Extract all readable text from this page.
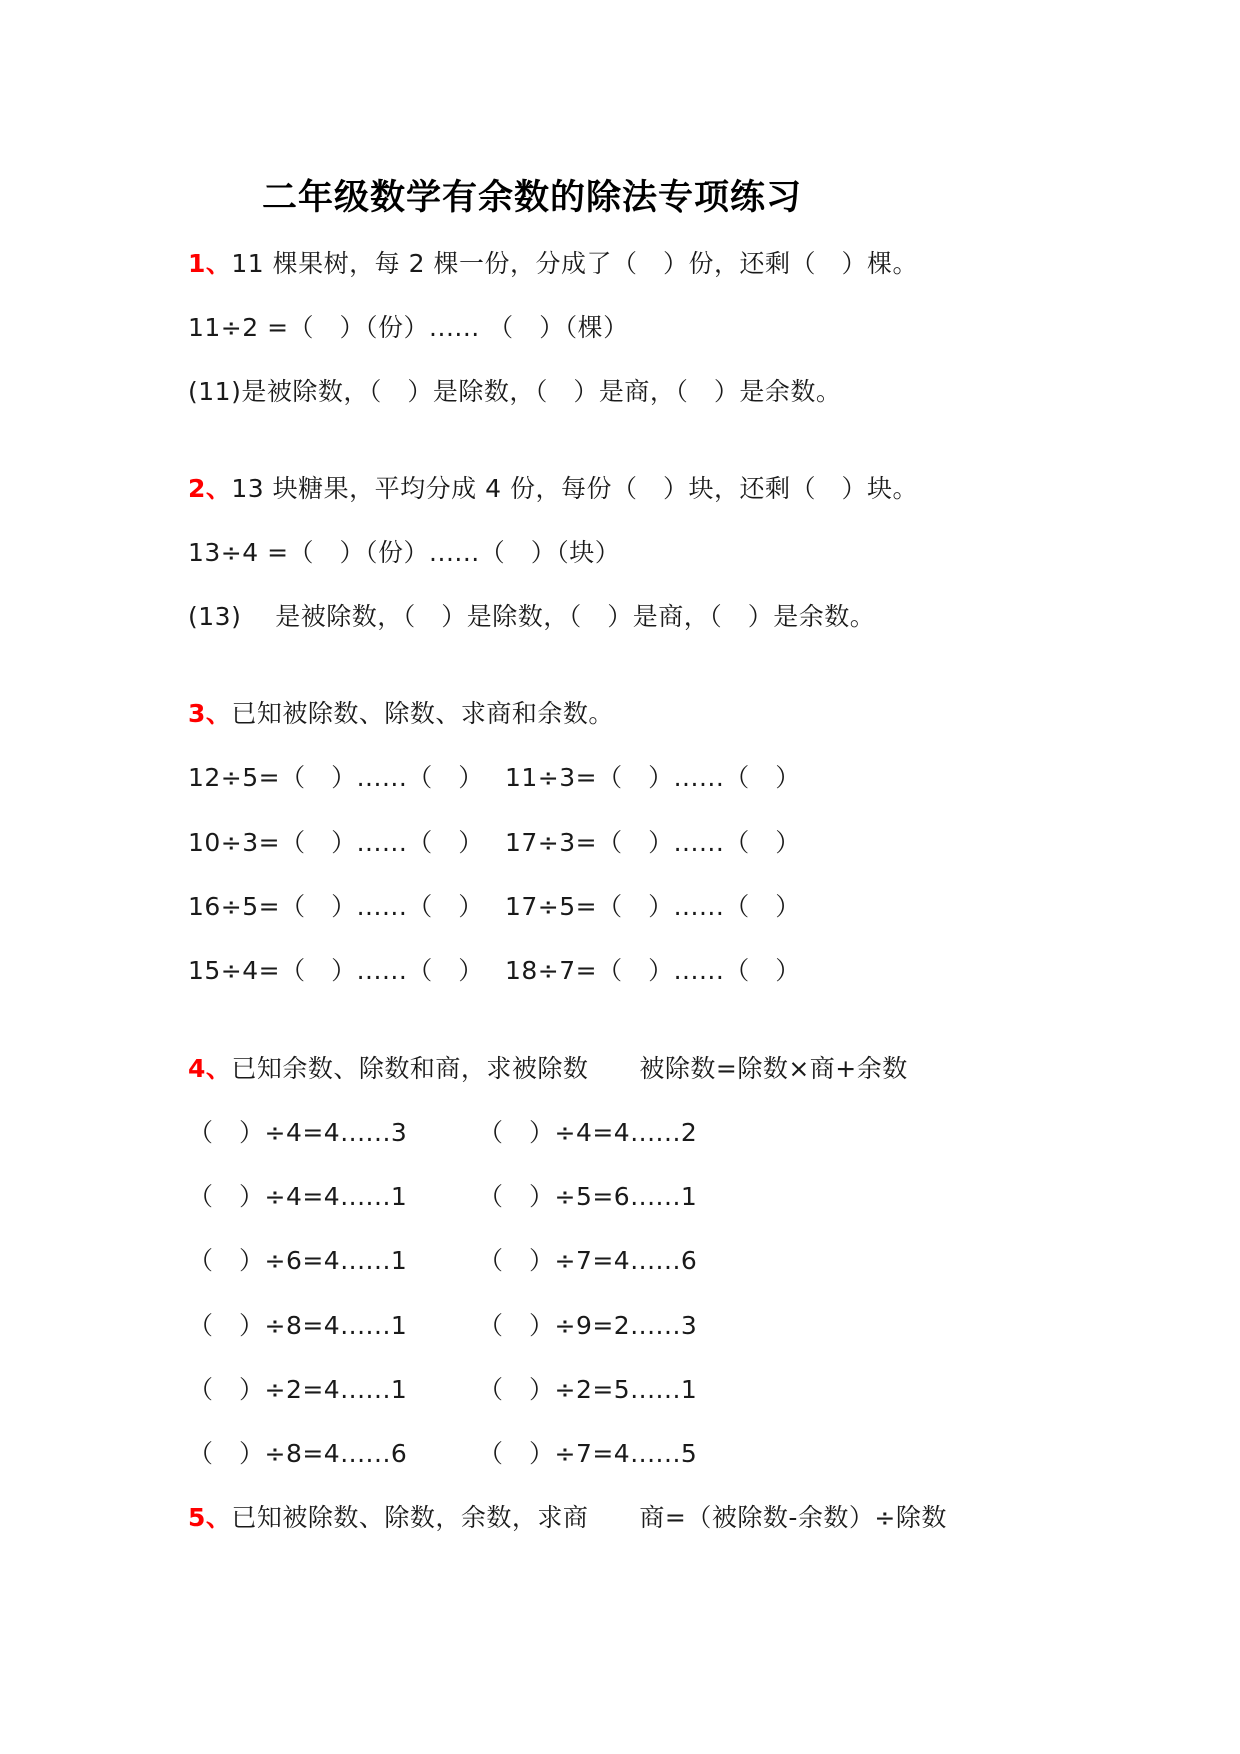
二年级数学有余数的除法专项练习
1、11 棵果树，每 2 棵一份，分成了（　）份，还剩（　）棵。
11÷2 =（　）（份）...... （　）（棵）
(11)是被除数，（　）是除数，（　）是商，（　）是余数。
2、13 块糖果，平均分成 4 份，每份（　）块，还剩（　）块。
13÷4 =（　）（份）......（　）（块）
(13)　 是被除数，（　）是除数，（　）是商，（　）是余数。
3、已知被除数、除数、求商和余数。
12÷5=（　）......（　） 11÷3=（　）......（　）
10÷3=（　）......（　） 17÷3=（　）......（　）
16÷5=（　）......（　） 17÷5=（　）......（　）
15÷4=（　）......（　） 18÷7=（　）......（　）
4、已知余数、除数和商，求被除数　　被除数=除数×商+余数
（　）÷4=4......3	（　）÷4=4......2
（　）÷4=4......1	（　）÷5=6......1
（　）÷6=4......1	（　）÷7=4......6
（　）÷8=4......1	（　）÷9=2......3
（　）÷2=4......1	（　）÷2=5......1
（　）÷8=4......6	（　）÷7=4......5
5、已知被除数、除数，余数，求商　　商=（被除数-余数）÷除数
